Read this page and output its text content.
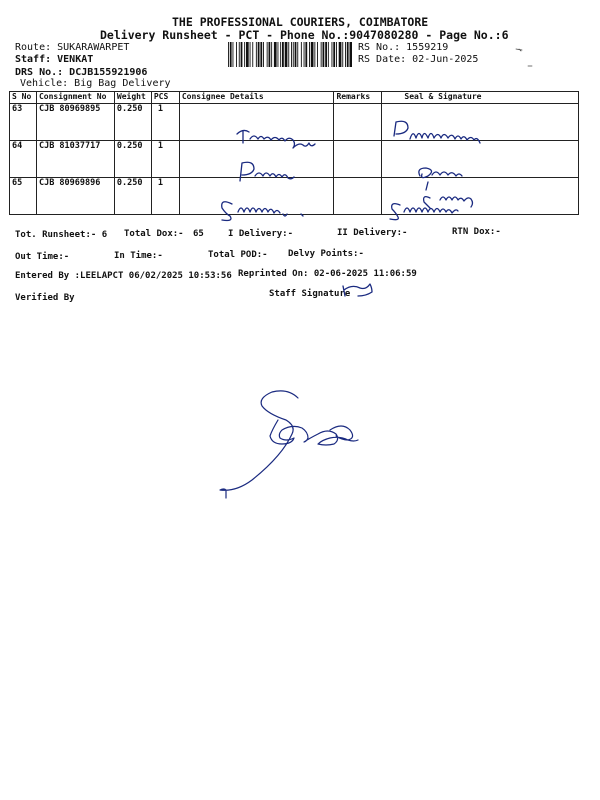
THE PROFESSIONAL COURIERS, COIMBATORE
Delivery Runsheet - PCT - Phone No.:9047080280 - Page No.:6
Route: SUKARAWARPET
Staff: VENKAT
DRS No.: DCJB155921906
Vehicle: Big Bag Delivery
RS No.: 1559219
RS Date: 02-Jun-2025
S No	Consignment No	Weight	PCS	Consignee Details	Remarks	Seal & Signature
63	CJB 80969895	0.250	1			
64	CJB 81037717	0.250	1			
65	CJB 80969896	0.250	1			
Tot. Runsheet:- 6 Total Dox:- 65	I Delivery:-	II Delivery:-	RTN Dox:-
Out Time:-	In Time:-	Total POD:- Delvy Points:-
Entered By :LEELAPCT 06/02/2025 10:53:56 Reprinted On: 02-06-2025 11:06:59
Verified By	Staff Signature
